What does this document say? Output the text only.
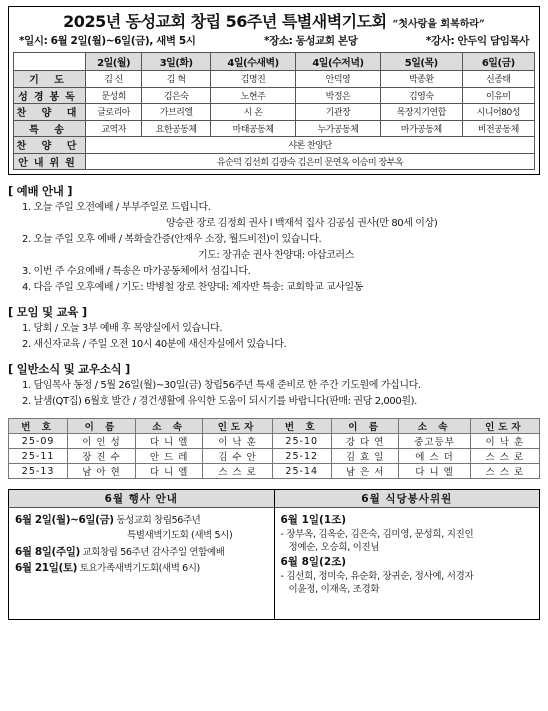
2025년 동성교회 창립 56주년 특별새벽기도회 “첫사랑을 회복하라”
*일시: 6월 2일(월)~6일(금), 새벽 5시	*장소: 동성교회 본당	*강사: 안두익 담임목사
	2일(월)	3일(화)	4일(수새벽)	4일(수저녁)	5일(목)	6일(금)
기 도	김 신	김 혁	김명진	안덕영	박종환	신종태
성경봉독	문성희	김은숙	노현주	박정은	김영숙	이유미
찬 양 대	글로리아	가브리엘	시 온	기관장	목장지기연합	시니어80성
특 송	교역자	요한공동체	마태공동체	누가공동체	마가공동체	비전공동체
찬 양 단	샤론 찬양단					
안내위원	유순덕 김선희 김광숙 김은미 문연옥 이승미 장부옥					
[ 예배 안내 ]
1. 오늘 주일 오전예배 / 부부주일로 드립니다.
양승관 장로 김정희 권사 l 백재석 집사 김공심 권사(만 80세 이상)
2. 오늘 주일 오후 예배 / 복화술간증(안재우 소장, 월드비전)이 있습니다.
기도: 장귀순 권사 찬양대: 아삽코러스
3. 이번 주 수요예배 / 특송은 마가공동체에서 섬깁니다.
4. 다음 주일 오후예배 / 기도: 박병철 장로 찬양대: 제자반 특송: 교회학교 교사일동
[ 모임 및 교육 ]
1. 당회 / 오늘 3부 예배 후 목양실에서 있습니다.
2. 새신자교육 / 주일 오전 10시 40분에 새신자실에서 있습니다.
[ 일반소식 및 교우소식 ]
1. 담임목사 동정 / 5월 26일(월)~30일(금) 창립56주년 특새 준비로 한 주간 기도원에 가십니다.
2. 날샘(QT집) 6월호 발간 / 경건생활에 유익한 도움이 되시기를 바랍니다(판매: 권당 2,000원).
번 호	이 름	소 속	인도자	번 호	이 름	소 속	인도자
25-09	이 인 성	다 니 엘	이 낙 훈	25-10	강 다 연	중고등부	이 낙 훈
25-11	장 진 수	안 드 레	김 수 안	25-12	김 효 일	에 스 더	스 스 로
25-13	남 아 현	다 니 엘	스 스 로	25-14	남 은 서	다 니 엘	스 스 로
6월 행사 안내
6월 2일(월)~6일(금) 동성교회 창립56주년
특별새벽기도회 (새벽 5시)
6월 8일(주일) 교회창립 56주년 감사주일 연합예배
6월 21일(토) 토요가족새벽기도회(새벽 6시)
6월 식당봉사위원
6월 1일(1조)
- 장부옥, 김옥순, 김은숙, 김미영, 문성희, 지진인
정예순, 오승희, 이진님
6월 8일(2조)
- 김선희, 정미숙, 유순화, 장귀순, 정사예, 서경자
이윤정, 이재옥, 조경화
